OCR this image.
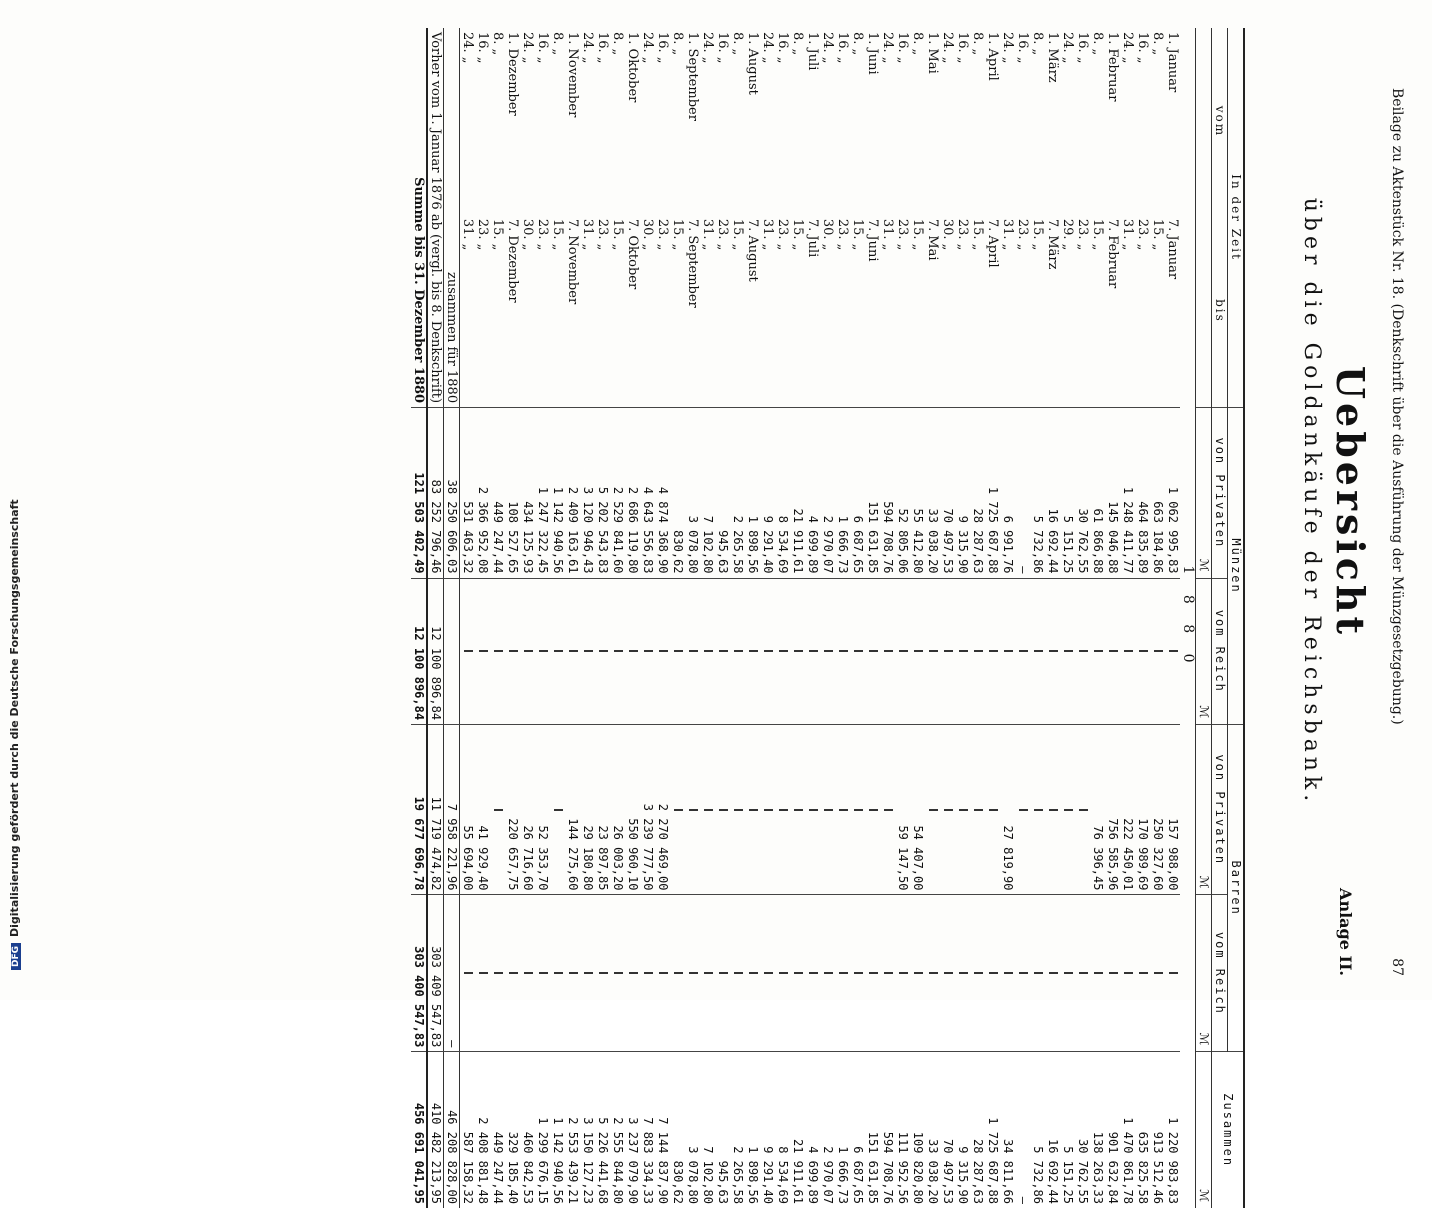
Beilage zu Aktenstück Nr. 18. (Denkschrift über die Ausführung der Münzgesetzgebung.)
87
Anlage II.
Uebersicht
über die Goldankäufe der Reichsbank.
In der Zeit		Münzen		Barren		Zusammen
vom	bis	von Privaten	vom Reich	von Privaten	vom Reich	
		ℳ	ℳ	ℳ	ℳ	ℳ
1 8 8 0						
1. Januar	7. Januar	1 062 995,83		157 988,00		1 220 983,83
8. „	15. „	663 184,86		250 327,60		913 512,46
16. „	23. „	464 835,89		170 989,69		635 825,58
24. „	31. „	1 248 411,77		222 450,01		1 470 861,78
1. Februar	7. Februar	145 046,88		756 585,96		901 632,84
8. „	15. „	61 866,88		76 396,45		138 263,33
16. „	23. „	30 762,55				30 762,55
24. „	29. „	5 151,25				5 151,25
1. März	7. März	16 692,44				16 692,44
8. „	15. „	5 732,86				5 732,86
16. „	23. „	—				—
24. „	31. „	6 991,76		27 819,90		34 811,66
1. April	7. April	1 725 687,88				1 725 687,88
8. „	15. „	28 287,63				28 287,63
16. „	23. „	9 315,90				9 315,90
24. „	30. „	70 497,53				70 497,53
1. Mai	7. Mai	33 038,20				33 038,20
8. „	15. „	55 412,80		54 407,00		109 820,80
16. „	23. „	52 805,06		59 147,50		111 952,56
24. „	31. „	594 708,76				594 708,76
1. Juni	7. Juni	151 631,85				151 631,85
8. „	15. „	6 687,65				6 687,65
16. „	23. „	1 666,73				1 666,73
24. „	30. „	2 970,07				2 970,07
1. Juli	7. Juli	4 699,89				4 699,89
8. „	15. „	21 911,61				21 911,61
16. „	23. „	8 534,69				8 534,69
24. „	31. „	9 291,40				9 291,40
1. August	7. August	1 898,56				1 898,56
8. „	15. „	2 265,58				2 265,58
16. „	23. „	945,63				945,63
24. „	31. „	7 102,80				7 102,80
1. September	7. September	3 078,80				3 078,80
8. „	15. „	830,62				830,62
16. „	23. „	4 874 368,90		2 270 469,00		7 144 837,90
24. „	30. „	4 643 556,83		3 239 777,50		7 883 334,33
1. Oktober	7. Oktober	2 686 119,80		550 960,10		3 237 079,90
8. „	15. „	2 529 841,60		26 003,20		2 555 844,80
16. „	23. „	5 202 543,83		23 897,85		5 226 441,68
24. „	31. „	3 120 946,43		29 180,80		3 150 127,23
1. November	7. November	2 409 163,61		144 275,60		2 553 439,21
8. „	15. „	1 142 940,56				1 142 940,56
16. „	23. „	1 247 322,45		52 353,70		1 299 676,15
24. „	30. „	434 125,93		26 716,60		460 842,53
1. Dezember	7. Dezember	108 527,65		220 657,75		329 185,40
8. „	15. „	449 247,44				449 247,44
16. „	23. „	2 366 952,08		41 929,40		2 408 881,48
24. „	31. „	531 463,32		55 694,00		587 158,32
zusammen für 1880		38 250 606,03		7 958 221,96	—	46 208 828,00
Vorher vom 1. Januar 1876 ab (vergl. bis 8. Denkschrift)		83 252 796,46	12 100 896,84	11 719 474,82	303 409 547,83	410 482 213,95
Summe bis 31. Dezember 1880		121 503 402,49	12 100 896,84	19 677 696,78	303 400 547,83	456 691 041,95
DFGDigitalisierung gefördert durch die Deutsche Forschungsgemeinschaft
